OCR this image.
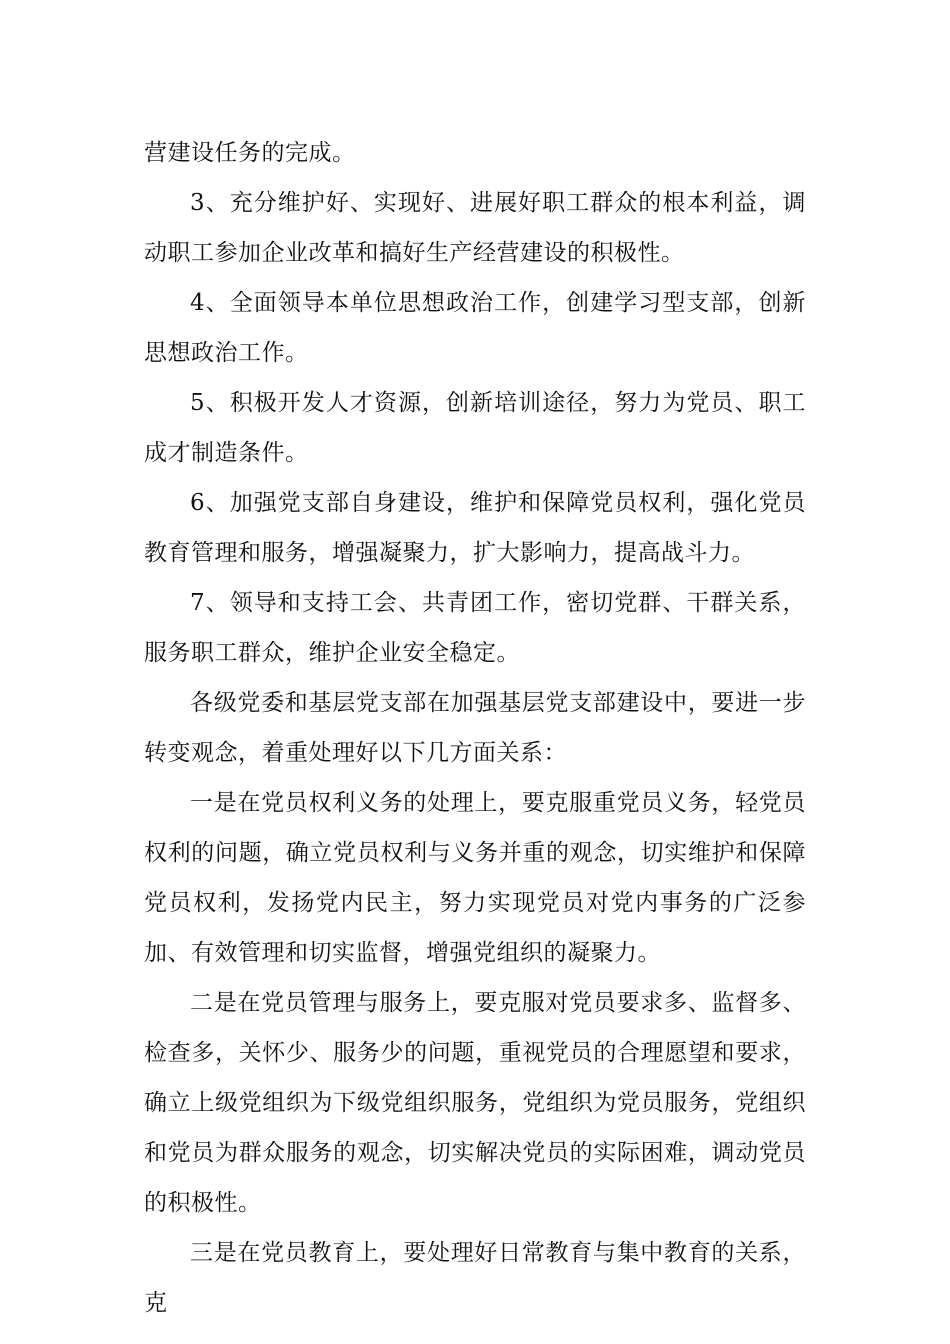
营建设任务的完成。

3、充分维护好、实现好、进展好职工群众的根本利益，调动职工参加企业改革和搞好生产经营建设的积极性。

4、全面领导本单位思想政治工作，创建学习型支部，创新思想政治工作。

5、积极开发人才资源，创新培训途径，努力为党员、职工成才制造条件。

6、加强党支部自身建设，维护和保障党员权利，强化党员教育管理和服务，增强凝聚力，扩大影响力，提高战斗力。

7、领导和支持工会、共青团工作，密切党群、干群关系，服务职工群众，维护企业安全稳定。

各级党委和基层党支部在加强基层党支部建设中，要进一步转变观念，着重处理好以下几方面关系：

一是在党员权利义务的处理上，要克服重党员义务，轻党员权利的问题，确立党员权利与义务并重的观念，切实维护和保障党员权利，发扬党内民主，努力实现党员对党内事务的广泛参加、有效管理和切实监督，增强党组织的凝聚力。

二是在党员管理与服务上，要克服对党员要求多、监督多、检查多，关怀少、服务少的问题，重视党员的合理愿望和要求，确立上级党组织为下级党组织服务，党组织为党员服务，党组织和党员为群众服务的观念，切实解决党员的实际困难，调动党员的积极性。

三是在党员教育上，要处理好日常教育与集中教育的关系，克
